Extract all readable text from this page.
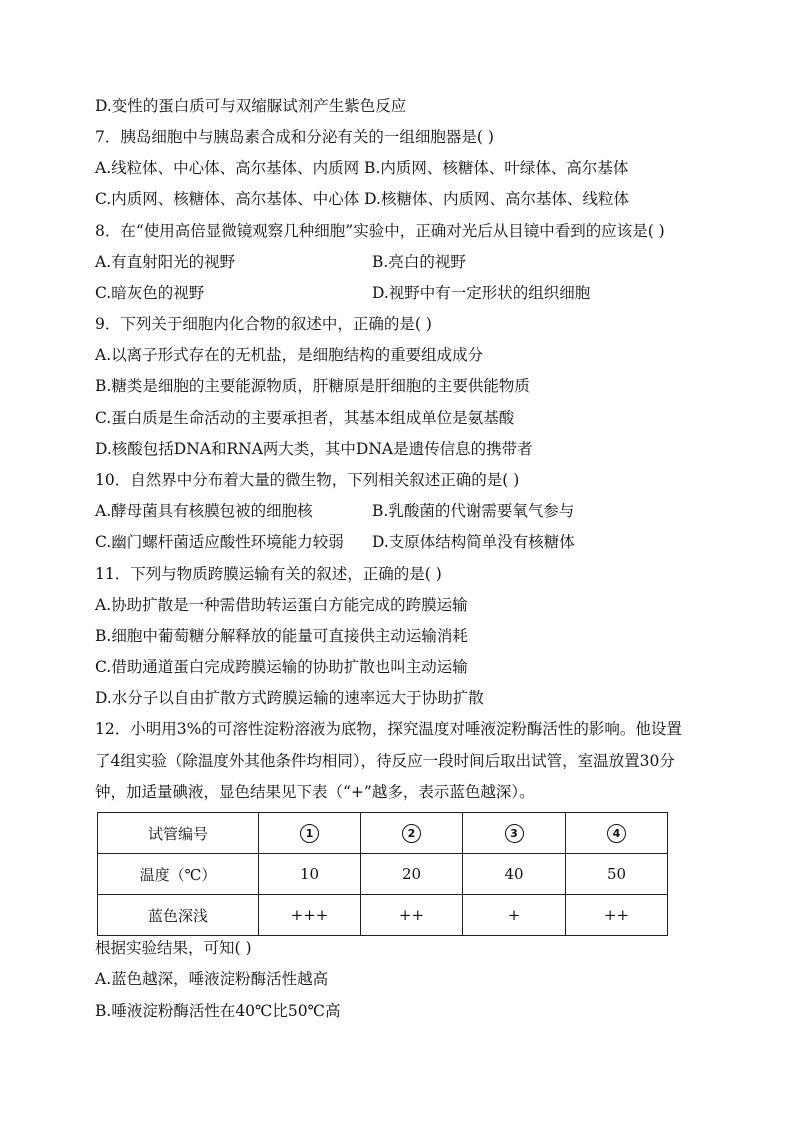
D.变性的蛋白质可与双缩脲试剂产生紫色反应
7．胰岛细胞中与胰岛素合成和分泌有关的一组细胞器是( )
A.线粒体、中心体、高尔基体、内质网 B.内质网、核糖体、叶绿体、高尔基体
C.内质网、核糖体、高尔基体、中心体 D.核糖体、内质网、高尔基体、线粒体
8．在“使用高倍显微镜观察几种细胞”实验中，正确对光后从目镜中看到的应该是( )
A.有直射阳光的视野	B.亮白的视野
C.暗灰色的视野	D.视野中有一定形状的组织细胞
9．下列关于细胞内化合物的叙述中，正确的是( )
A.以离子形式存在的无机盐，是细胞结构的重要组成成分
B.糖类是细胞的主要能源物质，肝糖原是肝细胞的主要供能物质
C.蛋白质是生命活动的主要承担者，其基本组成单位是氨基酸
D.核酸包括DNA和RNA两大类，其中DNA是遗传信息的携带者
10．自然界中分布着大量的微生物，下列相关叙述正确的是( )
A.酵母菌具有核膜包被的细胞核	B.乳酸菌的代谢需要氧气参与
C.幽门螺杆菌适应酸性环境能力较弱 D.支原体结构简单没有核糖体
11．下列与物质跨膜运输有关的叙述，正确的是( )
A.协助扩散是一种需借助转运蛋白方能完成的跨膜运输
B.细胞中葡萄糖分解释放的能量可直接供主动运输消耗
C.借助通道蛋白完成跨膜运输的协助扩散也叫主动运输
D.水分子以自由扩散方式跨膜运输的速率远大于协助扩散
12．小明用3%的可溶性淀粉溶液为底物，探究温度对唾液淀粉酶活性的影响。他设置
了4组实验（除温度外其他条件均相同），待反应一段时间后取出试管，室温放置30分
钟，加适量碘液，显色结果见下表（“+”越多，表示蓝色越深）。
试管编号	1	2	3	4
温度（℃）	10	20	40	50
蓝色深浅	+++	++	+	++
根据实验结果，可知( )
A.蓝色越深，唾液淀粉酶活性越高
B.唾液淀粉酶活性在40℃比50℃高
